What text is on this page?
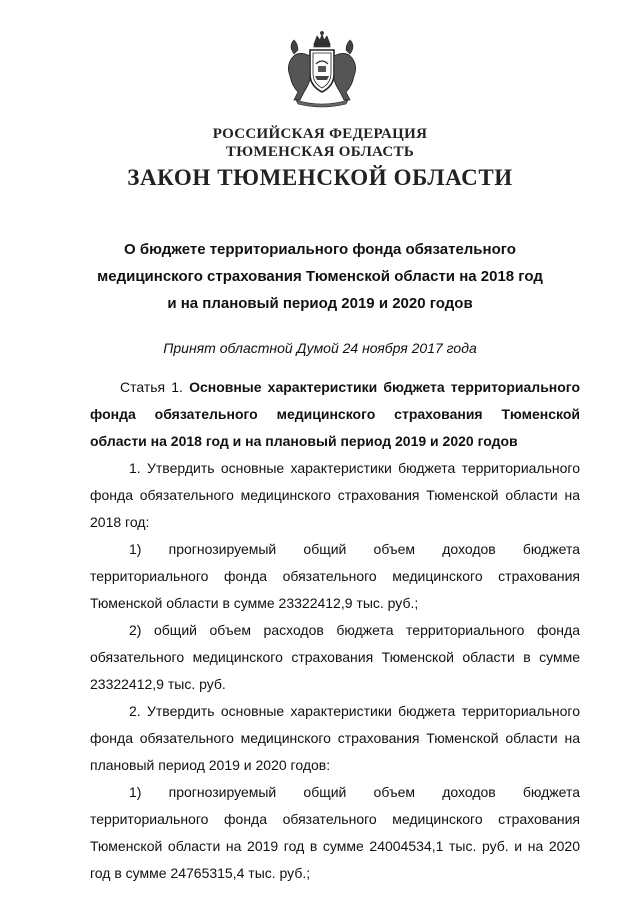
РОССИЙСКАЯ ФЕДЕРАЦИЯ
ТЮМЕНСКАЯ ОБЛАСТЬ
ЗАКОН ТЮМЕНСКОЙ ОБЛАСТИ
О бюджете территориального фонда обязательного
медицинского страхования Тюменской области на 2018 год
и на плановый период 2019 и 2020 годов
Принят областной Думой 24 ноября 2017 года

Статья 1. Основные характеристики бюджета территориального фонда обязательного медицинского страхования Тюменской области на 2018 год и на плановый период 2019 и 2020 годов

1. Утвердить основные характеристики бюджета территориального фонда обязательного медицинского страхования Тюменской области на 2018 год:

1) прогнозируемый общий объем доходов бюджета территориального фонда обязательного медицинского страхования Тюменской области в сумме 23322412,9 тыс. руб.;

2) общий объем расходов бюджета территориального фонда обязательного медицинского страхования Тюменской области в сумме 23322412,9 тыс. руб.

2. Утвердить основные характеристики бюджета территориального фонда обязательного медицинского страхования Тюменской области на плановый период 2019 и 2020 годов:

1) прогнозируемый общий объем доходов бюджета территориального фонда обязательного медицинского страхования Тюменской области на 2019 год в сумме 24004534,1 тыс. руб. и на 2020 год в сумме 24765315,4 тыс. руб.;
